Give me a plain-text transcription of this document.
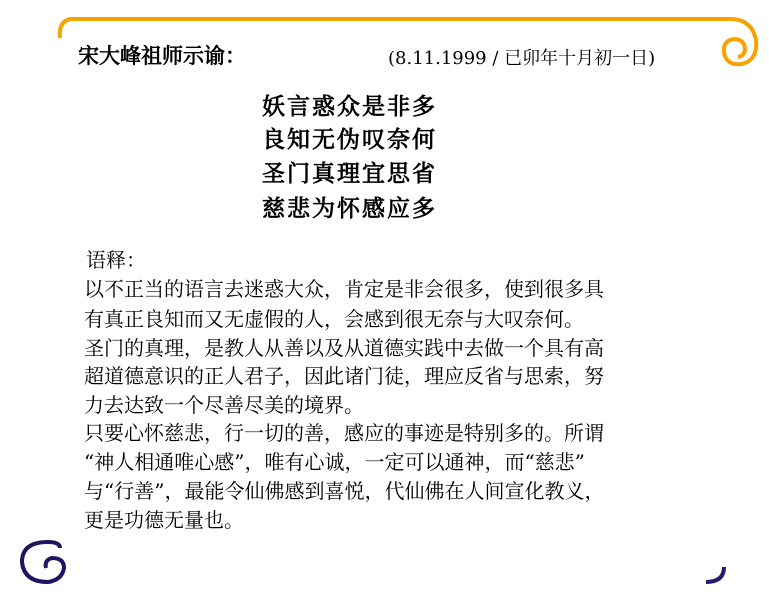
宋大峰祖师示谕：	(8.11.1999 / 已卯年十月初一日)
妖言惑众是非多
良知无伪叹奈何
圣门真理宜思省
慈悲为怀感应多
语释：
以不正当的语言去迷惑大众，肯定是非会很多，使到很多具
有真正良知而又无虚假的人，会感到很无奈与大叹奈何。
圣门的真理，是教人从善以及从道德实践中去做一个具有高
超道德意识的正人君子，因此诸门徒，理应反省与思索，努
力去达致一个尽善尽美的境界。
只要心怀慈悲，行一切的善，感应的事迹是特别多的。所谓
“神人相通唯心感”，唯有心诚，一定可以通神，而“慈悲”
与“行善”，最能令仙佛感到喜悦，代仙佛在人间宣化教义，
更是功德无量也。
